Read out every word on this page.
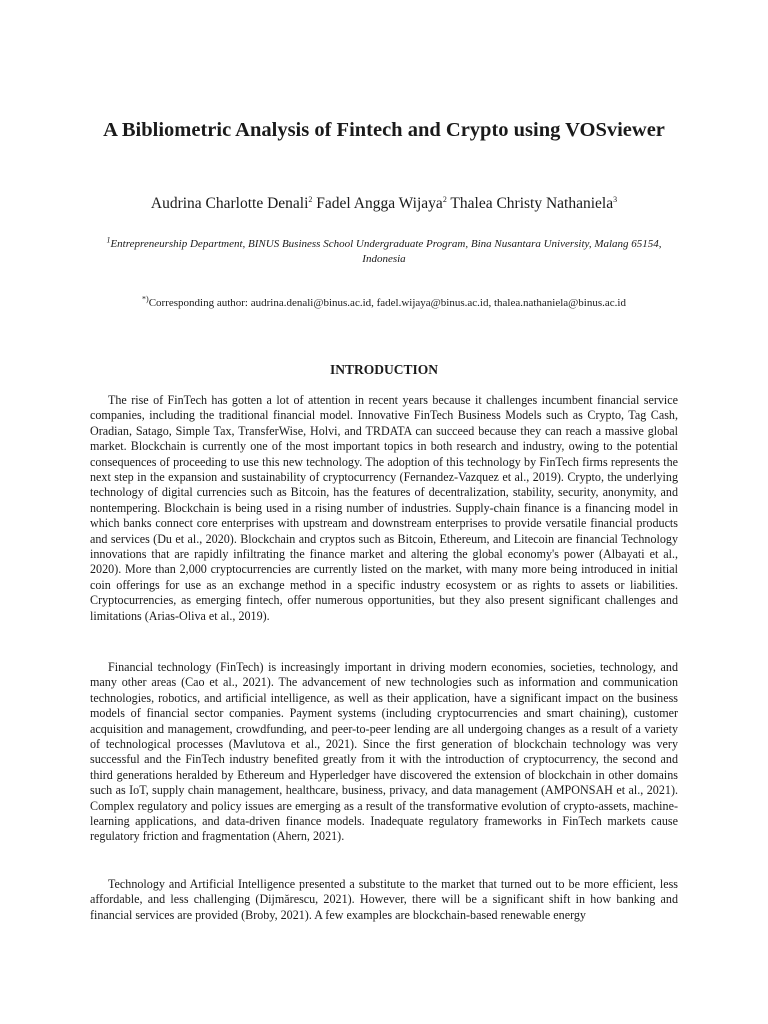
A Bibliometric Analysis of Fintech and Crypto using VOSviewer

Audrina Charlotte Denali$^2$ Fadel Angga Wijaya$^2$ Thalea Christy Nathaniela$^3$

$^1$Entrepreneurship Department, BINUS Business School Undergraduate Program, Bina Nusantara University, Malang 65154, Indonesia

*)Corresponding author: audrina.denali@binus.ac.id, fadel.wijaya@binus.ac.id, thalea.nathaniela@binus.ac.id

INTRODUCTION

The rise of FinTech has gotten a lot of attention in recent years because it challenges incumbent financial service companies, including the traditional financial model. Innovative FinTech Business Models such as Crypto, Tag Cash, Oradian, Satago, Simple Tax, TransferWise, Holvi, and TRDATA can succeed because they can reach a massive global market. Blockchain is currently one of the most important topics in both research and industry, owing to the potential consequences of proceeding to use this new technology. The adoption of this technology by FinTech firms represents the next step in the expansion and sustainability of cryptocurrency (Fernandez-Vazquez et al., 2019). Crypto, the underlying technology of digital currencies such as Bitcoin, has the features of decentralization, stability, security, anonymity, and nontempering. Blockchain is being used in a rising number of industries. Supply-chain finance is a financing model in which banks connect core enterprises with upstream and downstream enterprises to provide versatile financial products and services (Du et al., 2020). Blockchain and cryptos such as Bitcoin, Ethereum, and Litecoin are financial Technology innovations that are rapidly infiltrating the finance market and altering the global economy's power (Albayati et al., 2020). More than 2,000 cryptocurrencies are currently listed on the market, with many more being introduced in initial coin offerings for use as an exchange method in a specific industry ecosystem or as rights to assets or liabilities. Cryptocurrencies, as emerging fintech, offer numerous opportunities, but they also present significant challenges and limitations (Arias-Oliva et al., 2019).

Financial technology (FinTech) is increasingly important in driving modern economies, societies, technology, and many other areas (Cao et al., 2021). The advancement of new technologies such as information and communication technologies, robotics, and artificial intelligence, as well as their application, have a significant impact on the business models of financial sector companies. Payment systems (including cryptocurrencies and smart chaining), customer acquisition and management, crowdfunding, and peer-to-peer lending are all undergoing changes as a result of a variety of technological processes (Mavlutova et al., 2021). Since the first generation of blockchain technology was very successful and the FinTech industry benefited greatly from it with the introduction of cryptocurrency, the second and third generations heralded by Ethereum and Hyperledger have discovered the extension of blockchain in other domains such as IoT, supply chain management, healthcare, business, privacy, and data management (AMPONSAH et al., 2021). Complex regulatory and policy issues are emerging as a result of the transformative evolution of crypto-assets, machine-learning applications, and data-driven finance models. Inadequate regulatory frameworks in FinTech markets cause regulatory friction and fragmentation (Ahern, 2021).

Technology and Artificial Intelligence presented a substitute to the market that turned out to be more efficient, less affordable, and less challenging (Dijmărescu, 2021). However, there will be a significant shift in how banking and financial services are provided (Broby, 2021). A few examples are blockchain-based renewable energy
